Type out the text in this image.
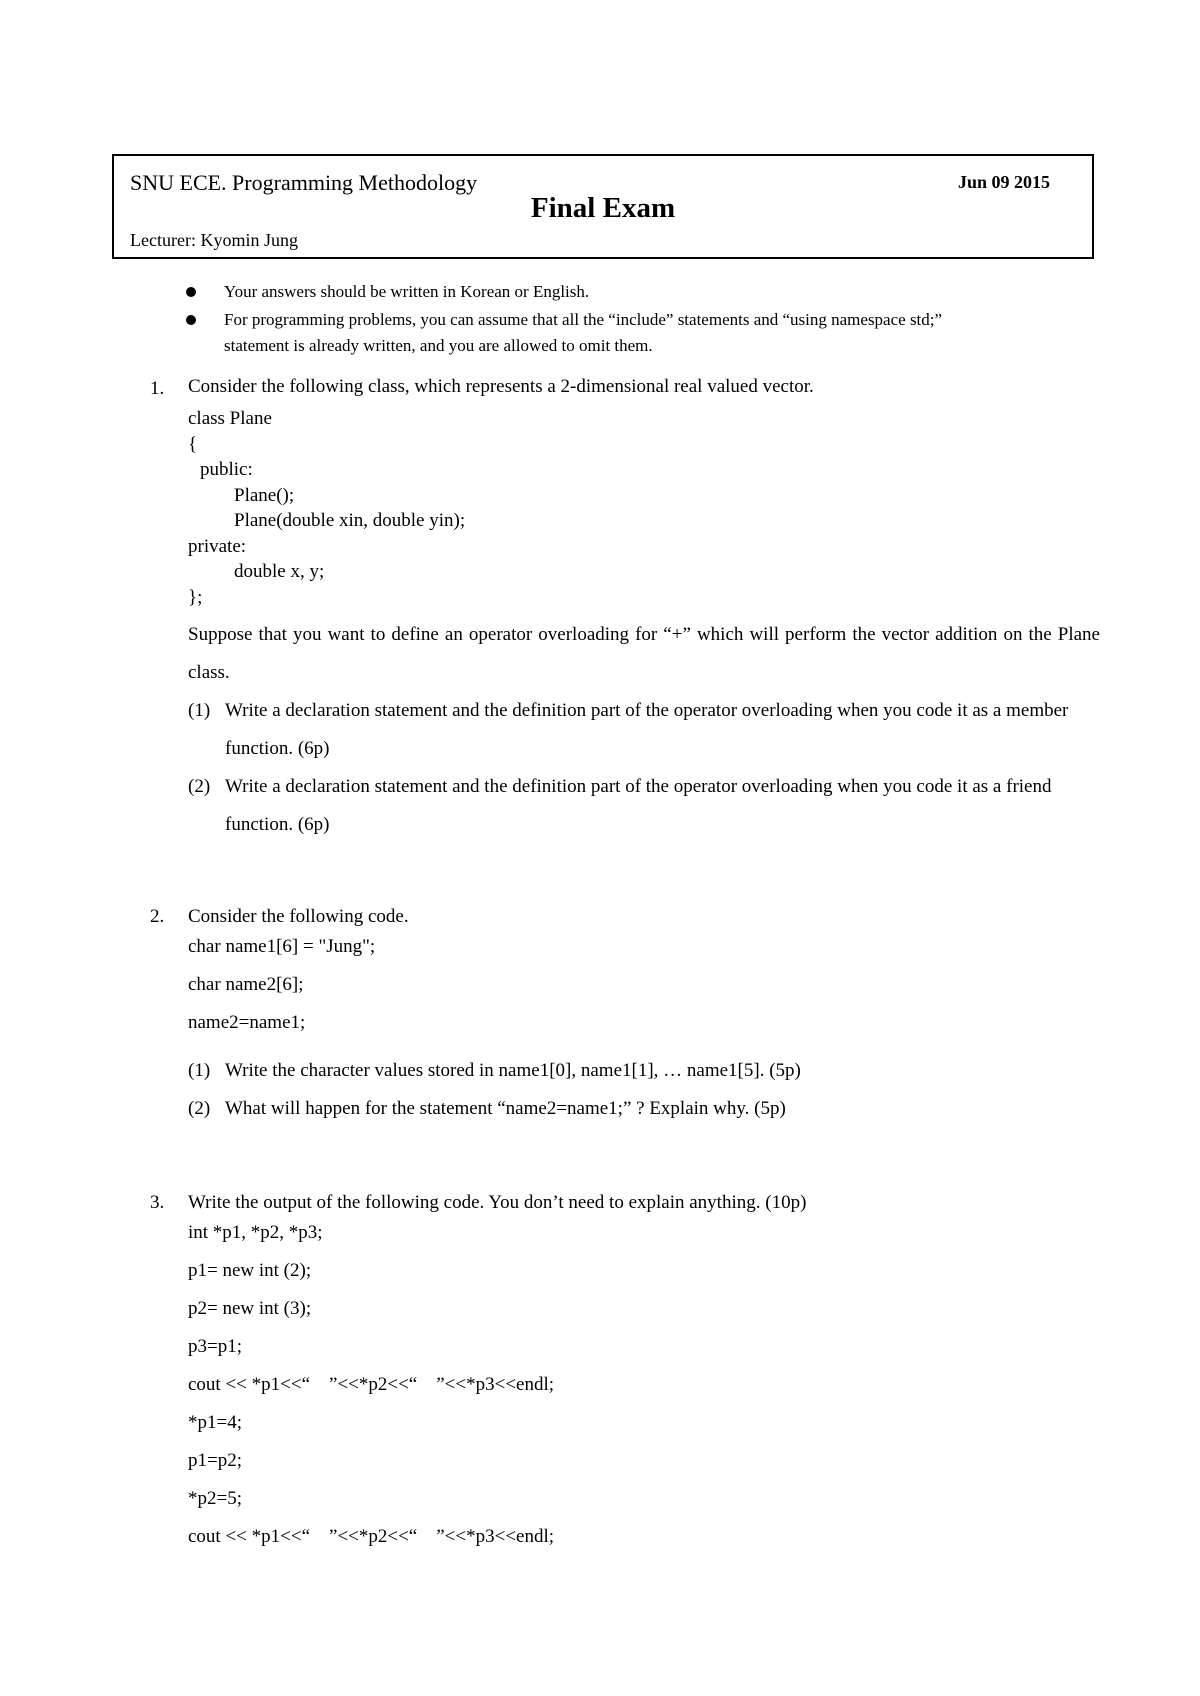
SNU ECE. Programming Methodology	Jun 09 2015
Final Exam
Lecturer: Kyomin Jung
Your answers should be written in Korean or English.
For programming problems, you can assume that all the “include” statements and “using namespace std;”
statement is already written, and you are allowed to omit them.
1.	Consider the following class, which represents a 2-dimensional real valued vector.
class Plane
{
public:
Plane();
Plane(double xin, double yin);
private:
double x, y;
};
Suppose that you want to define an operator overloading for “+” which will perform the vector addition on the Plane class.
(1) Write a declaration statement and the definition part of the operator overloading when you code it as a member function. (6p)
(2) Write a declaration statement and the definition part of the operator overloading when you code it as a friend function. (6p)
2.	Consider the following code.
char name1[6] = "Jung";
char name2[6];
name2=name1;
(1) Write the character values stored in name1[0], name1[1], … name1[5]. (5p)
(2) What will happen for the statement “name2=name1;” ? Explain why. (5p)
3.	Write the output of the following code. You don’t need to explain anything. (10p)
int *p1, *p2, *p3;
p1= new int (2);
p2= new int (3);
p3=p1;
cout << *p1<<“    ”<<*p2<<“    ”<<*p3<<endl;
*p1=4;
p1=p2;
*p2=5;
cout << *p1<<“    ”<<*p2<<“    ”<<*p3<<endl;
